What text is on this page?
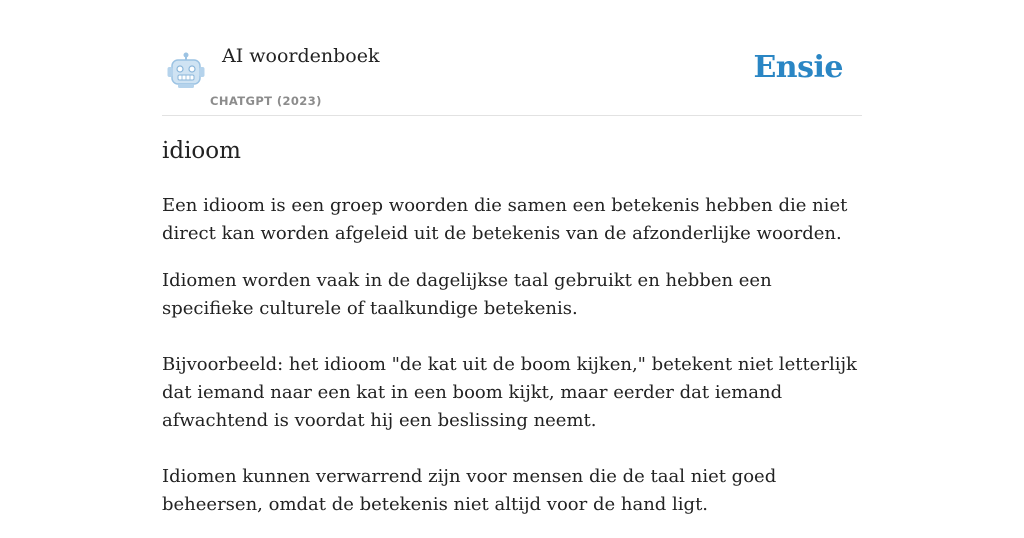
AI woordenboek
CHATGPT (2023)
Ensie
idioom

Een idioom is een groep woorden die samen een betekenis hebben die niet direct kan worden afgeleid uit de betekenis van de afzonderlijke woorden.

Idiomen worden vaak in de dagelijkse taal gebruikt en hebben een specifieke culturele of taalkundige betekenis.

Bijvoorbeeld: het idioom "de kat uit de boom kijken," betekent niet letterlijk dat iemand naar een kat in een boom kijkt, maar eerder dat iemand afwachtend is voordat hij een beslissing neemt.

Idiomen kunnen verwarrend zijn voor mensen die de taal niet goed beheersen, omdat de betekenis niet altijd voor de hand ligt.
